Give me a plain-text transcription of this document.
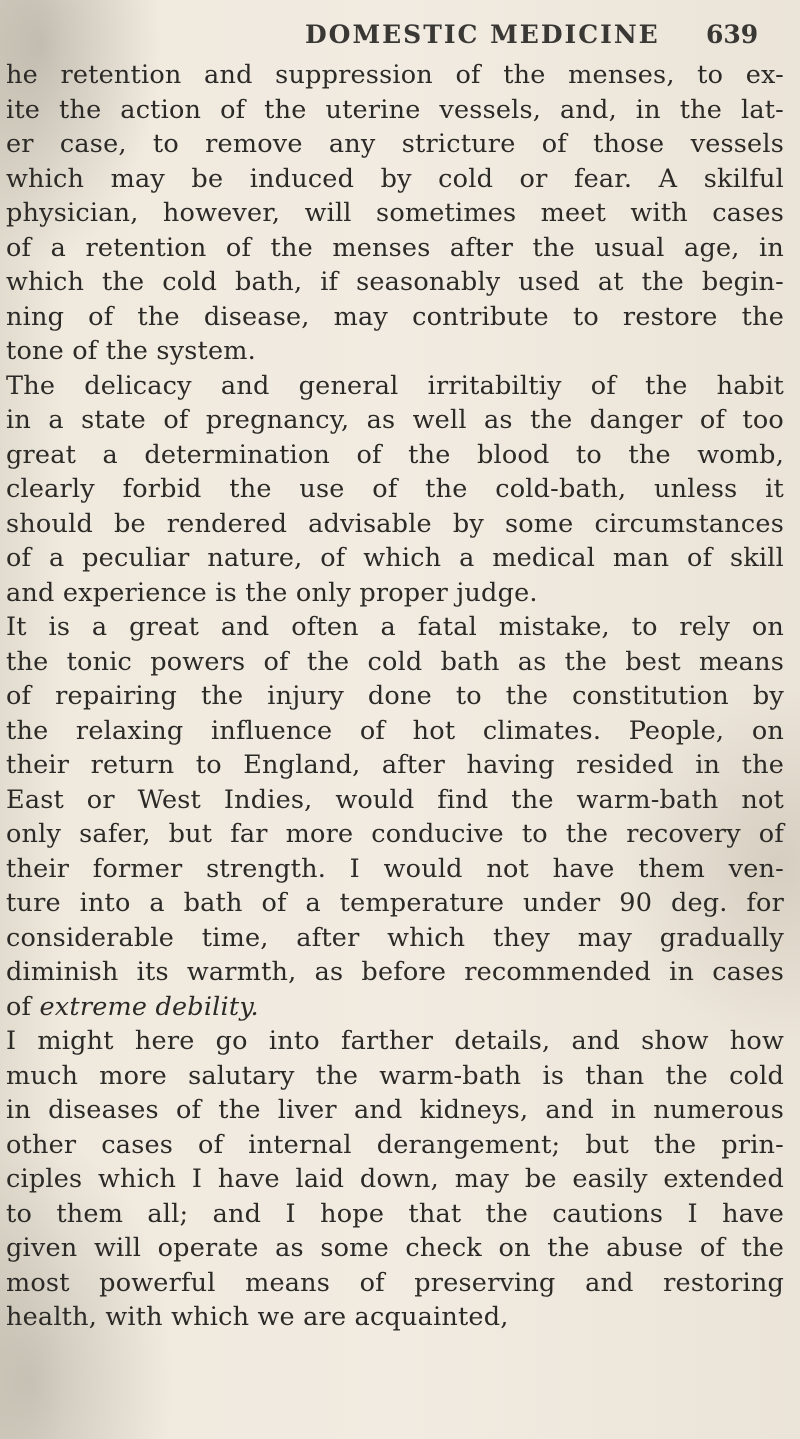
DOMESTIC MEDICINE 639
he retention and suppression of the menses, to ex-
ite the action of the uterine vessels, and, in the lat-
er case, to remove any stricture of those vessels
which may be induced by cold or fear. A skilful
physician, however, will sometimes meet with cases
of a retention of the menses after the usual age, in
which the cold bath, if seasonably used at the begin-
ning of the disease, may contribute to restore the
tone of the system.
The delicacy and general irritabiltiy of the habit
in a state of pregnancy, as well as the danger of too
great a determination of the blood to the womb,
clearly forbid the use of the cold-bath, unless it
should be rendered advisable by some circumstances
of a peculiar nature, of which a medical man of skill
and experience is the only proper judge.
It is a great and often a fatal mistake, to rely on
the tonic powers of the cold bath as the best means
of repairing the injury done to the constitution by
the relaxing influence of hot climates. People, on
their return to England, after having resided in the
East or West Indies, would find the warm-bath not
only safer, but far more conducive to the recovery of
their former strength. I would not have them ven-
ture into a bath of a temperature under 90 deg. for
considerable time, after which they may gradually
diminish its warmth, as before recommended in cases
of extreme debility.
I might here go into farther details, and show how
much more salutary the warm-bath is than the cold
in diseases of the liver and kidneys, and in numerous
other cases of internal derangement; but the prin-
ciples which I have laid down, may be easily extended
to them all; and I hope that the cautions I have
given will operate as some check on the abuse of the
most powerful means of preserving and restoring
health, with which we are acquainted,
